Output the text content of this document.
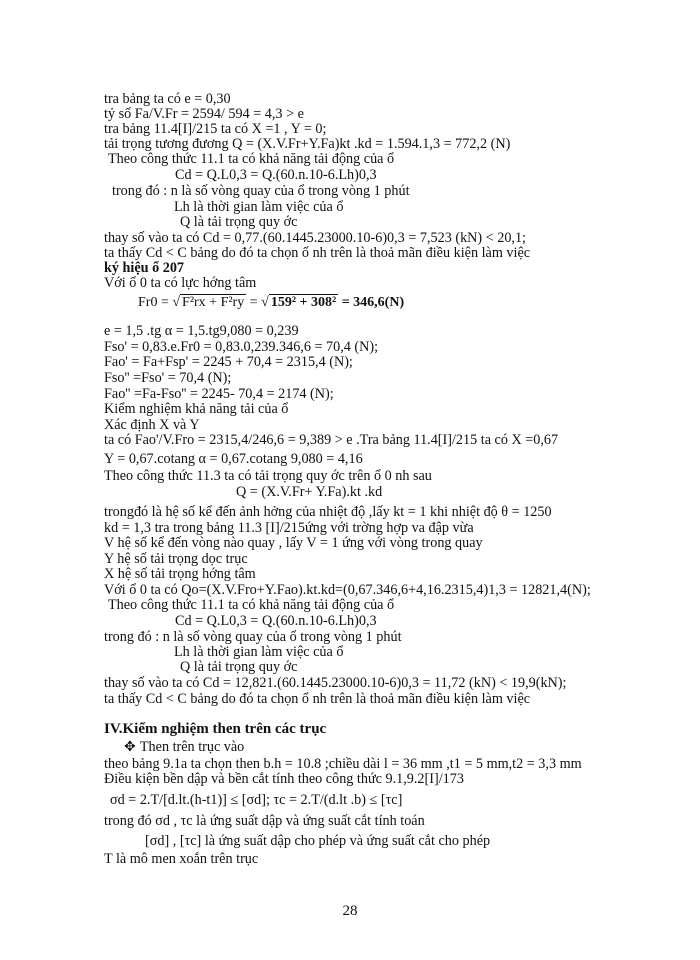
tra bảng ta có e = 0,30
tỷ số Fa/V.Fr = 2594/ 594 = 4,3 > e
tra bảng 11.4[I]/215 ta có X =1 , Y = 0;
tải trọng tương đương Q = (X.V.Fr+Y.Fa)kt .kd = 1.594.1,3 = 772,2 (N)
Theo công thức 11.1 ta có khả năng tải động của ổ
Cd = Q.L0,3 = Q.(60.n.10-6.Lh)0,3
trong đó : n là số vòng quay của ổ trong vòng 1 phút
Lh là thời gian làm việc của ổ
Q là tải trọng quy ớc
thay số vào ta có Cd = 0,77.(60.1445.23000.10-6)0,3 = 7,523 (kN) < 20,1;
ta thấy Cd < C bảng do đó ta chọn ổ nh trên là thoả mãn điều kiện làm việc
ký hiệu ổ 207
Với ổ 0 ta có lực hớng tâm
Fr0 = √ F²rx + F²ry = √ 159² + 308² = 346,6(N)
e = 1,5 .tg α = 1,5.tg9,080 = 0,239
Fso' = 0,83.e.Fr0 = 0,83.0,239.346,6 = 70,4 (N);
Fao' = Fa+Fsp' = 2245 + 70,4 = 2315,4 (N);
Fso'' =Fso' = 70,4 (N);
Fao'' =Fa-Fso'' = 2245- 70,4 = 2174 (N);
Kiểm nghiệm khả năng tải của ổ
Xác định X và Y
ta có Fao'/V.Fro = 2315,4/246,6 = 9,389 > e .Tra bảng 11.4[I]/215 ta có X =0,67
Y = 0,67.cotang α = 0,67.cotang 9,080 = 4,16
Theo công thức 11.3 ta có tải trọng quy ớc trên ổ 0 nh sau
Q = (X.V.Fr+ Y.Fa).kt .kd
trongđó là hệ số kể đến ảnh hởng của nhiệt độ ,lấy kt = 1 khi nhiệt độ θ = 1250
kd = 1,3 tra trong bảng 11.3 [I]/215ứng với trờng hợp va đập vừa
V hệ số kể đến vòng nào quay , lấy V = 1 ứng với vòng trong quay
Y hệ số tải trọng dọc trục
X hệ số tải trọng hớng tâm
Với ổ 0 ta có Qo=(X.V.Fro+Y.Fao).kt.kd=(0,67.346,6+4,16.2315,4)1,3 = 12821,4(N);
Theo công thức 11.1 ta có khả năng tải động của ổ
Cd = Q.L0,3 = Q.(60.n.10-6.Lh)0,3
trong đó : n là số vòng quay của ổ trong vòng 1 phút
Lh là thời gian làm việc của ổ
Q là tải trọng quy ớc
thay số vào ta có Cd = 12,821.(60.1445.23000.10-6)0,3 = 11,72 (kN) < 19,9(kN);
ta thấy Cd < C bảng do đó ta chọn ổ nh trên là thoả mãn điều kiện làm việc
IV.Kiểm nghiệm then trên các trục
✥ Then trên trục vào
theo bảng 9.1a ta chọn then b.h = 10.8 ;chiều dài l = 36 mm ,t1 = 5 mm,t2 = 3,3 mm
Điều kiện bền dập và bền cắt tính theo công thức 9.1,9.2[I]/173
σd = 2.T/[d.lt.(h-t1)] ≤ [σd]; τc = 2.T/(d.lt .b) ≤ [τc]
trong đó σd , τc là ứng suất dập và ứng suất cắt tính toán
[σd] , [τc] là ứng suất dập cho phép và ứng suất cắt cho phép
T là mô men xoắn trên trục
28
